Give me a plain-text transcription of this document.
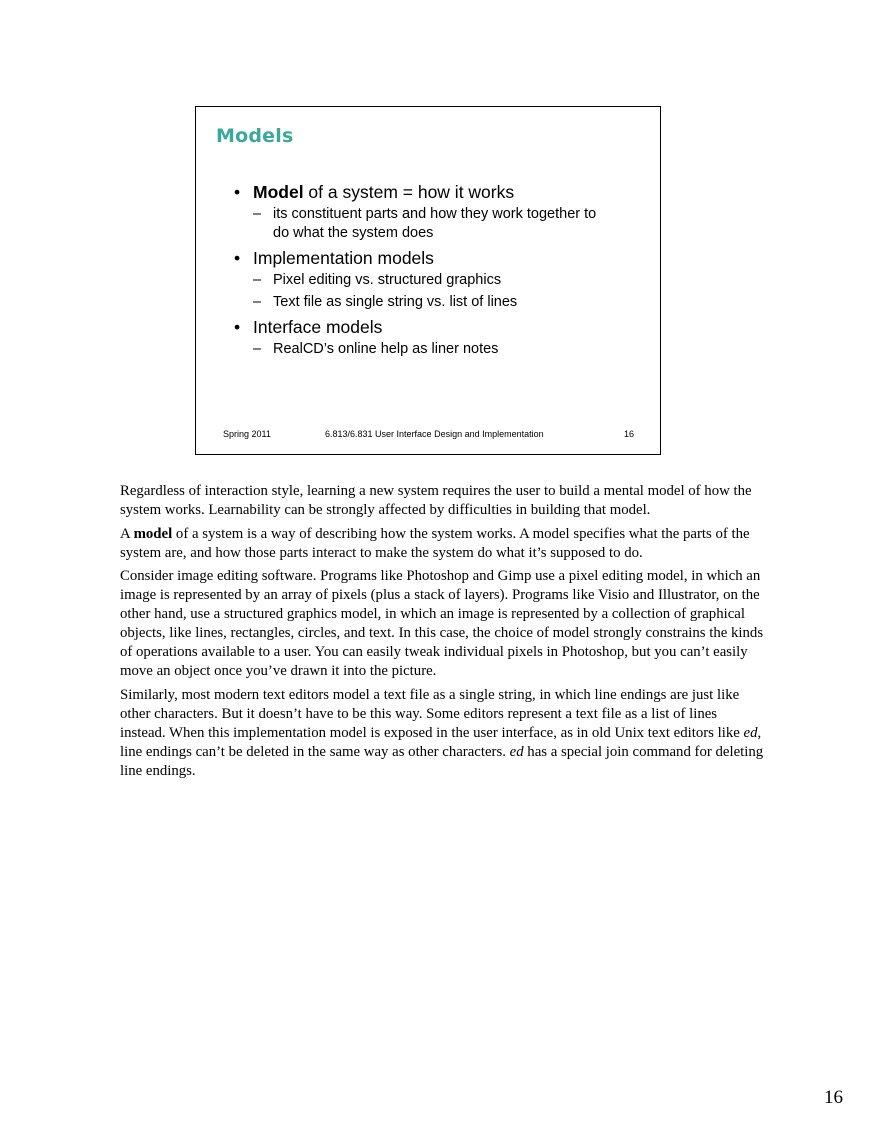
Models
• Model of a system = how it works
– its constituent parts and how they work together to do what the system does
• Implementation models
– Pixel editing vs. structured graphics
– Text file as single string vs. list of lines
• Interface models
– RealCD’s online help as liner notes
Spring 2011	6.813/6.831 User Interface Design and Implementation	16

Regardless of interaction style, learning a new system requires the user to build a mental model of how the system works. Learnability can be strongly affected by difficulties in building that model.

A model of a system is a way of describing how the system works. A model specifies what the parts of the system are, and how those parts interact to make the system do what it’s supposed to do.

Consider image editing software. Programs like Photoshop and Gimp use a pixel editing model, in which an image is represented by an array of pixels (plus a stack of layers). Programs like Visio and Illustrator, on the other hand, use a structured graphics model, in which an image is represented by a collection of graphical objects, like lines, rectangles, circles, and text. In this case, the choice of model strongly constrains the kinds of operations available to a user. You can easily tweak individual pixels in Photoshop, but you can’t easily move an object once you’ve drawn it into the picture.

Similarly, most modern text editors model a text file as a single string, in which line endings are just like other characters. But it doesn’t have to be this way. Some editors represent a text file as a list of lines instead. When this implementation model is exposed in the user interface, as in old Unix text editors like ed, line endings can’t be deleted in the same way as other characters. ed has a special join command for deleting line endings.

16
